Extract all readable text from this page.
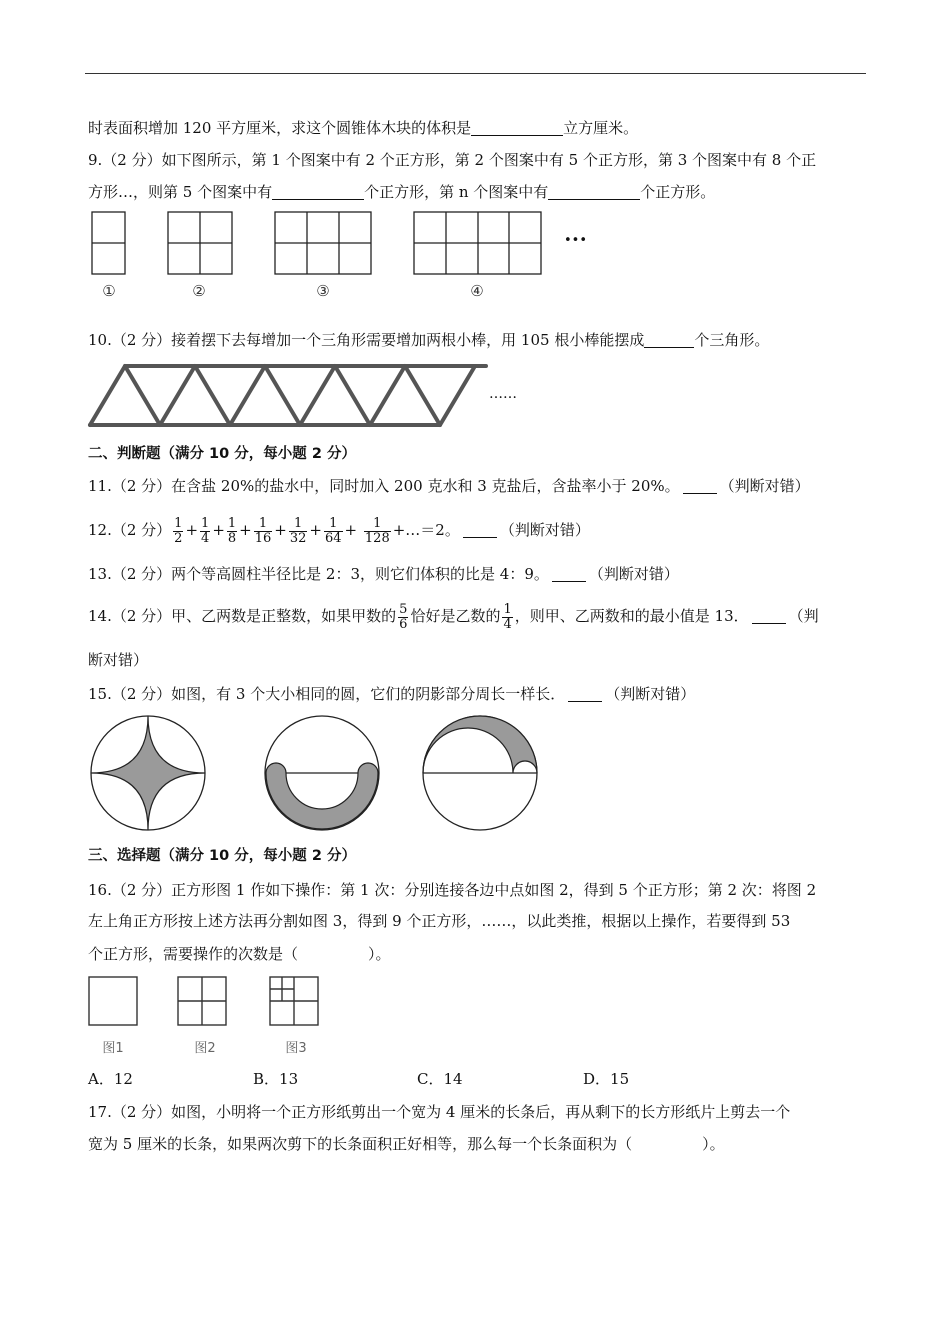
时表面积增加 120 平方厘米，求这个圆锥体木块的体积是	立方厘米。
9.（2 分）如下图所示，第 1 个图案中有 2 个正方形，第 2 个图案中有 5 个正方形，第 3 个图案中有 8 个正
方形…，则第 5 个图案中有	个正方形，第 n 个图案中有	个正方形。
•••
①	②	③	④
10.（2 分）接着摆下去每增加一个三角形需要增加两根小棒，用 105 根小棒能摆成	个三角形。
……
二、判断题（满分 10 分，每小题 2 分）
11.（2 分）在含盐 20%的盐水中，同时加入 200 克水和 3 克盐后，含盐率小于 20%。	（判断对错）
12.（2 分） $\frac{1}{2} + \frac{1}{4} + \frac{1}{8} + \frac{1}{16} + \frac{1}{32} + \frac{1}{64} + \frac{1}{128}$ +…＝2。	（判断对错）
13.（2 分）两个等高圆柱半径比是 2：3，则它们体积的比是 4：9。	（判断对错）
14.（2 分）甲、乙两数是正整数，如果甲数的 $\frac{5}{6}$ 恰好是乙数的 $\frac{1}{4}$ ，则甲、乙两数和的最小值是 13．	（判
断对错）
15.（2 分）如图，有 3 个大小相同的圆，它们的阴影部分周长一样长．	（判断对错）
三、选择题（满分 10 分，每小题 2 分）
16.（2 分）正方形图 1 作如下操作：第 1 次：分别连接各边中点如图 2，得到 5 个正方形；第 2 次：将图 2
左上角正方形按上述方法再分割如图 3，得到 9 个正方形，……，以此类推，根据以上操作，若要得到 53
个正方形，需要操作的次数是（	）。
图1	图2	图3
A．12	B．13	C．14	D．15
17.（2 分）如图，小明将一个正方形纸剪出一个宽为 4 厘米的长条后，再从剩下的长方形纸片上剪去一个
宽为 5 厘米的长条，如果两次剪下的长条面积正好相等，那么每一个长条面积为（	）。
